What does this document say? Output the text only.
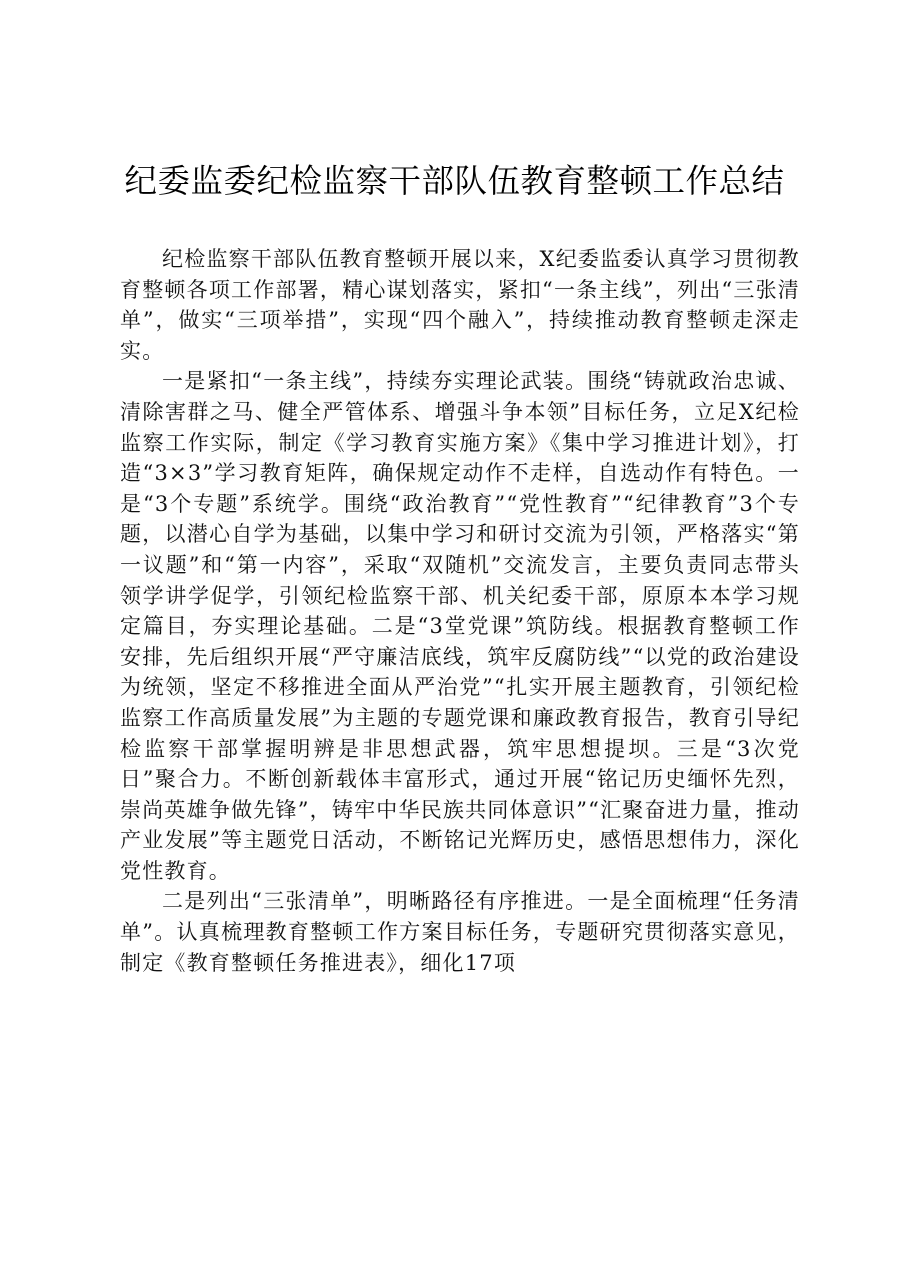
纪委监委纪检监察干部队伍教育整顿工作总结

纪检监察干部队伍教育整顿开展以来，X纪委监委认真学习贯彻教育整顿各项工作部署，精心谋划落实，紧扣“一条主线”，列出“三张清单”，做实“三项举措”，实现“四个融入”，持续推动教育整顿走深走实。

一是紧扣“一条主线”，持续夯实理论武装。围绕“铸就政治忠诚、清除害群之马、健全严管体系、增强斗争本领”目标任务，立足X纪检监察工作实际，制定《学习教育实施方案》《集中学习推进计划》，打造“3×3”学习教育矩阵，确保规定动作不走样，自选动作有特色。一是“3个专题”系统学。围绕“政治教育”“党性教育”“纪律教育”3个专题，以潜心自学为基础，以集中学习和研讨交流为引领，严格落实“第一议题”和“第一内容”，采取“双随机”交流发言，主要负责同志带头领学讲学促学，引领纪检监察干部、机关纪委干部，原原本本学习规定篇目，夯实理论基础。二是“3堂党课”筑防线。根据教育整顿工作安排，先后组织开展“严守廉洁底线，筑牢反腐防线”“以党的政治建设为统领，坚定不移推进全面从严治党”“扎实开展主题教育，引领纪检监察工作高质量发展”为主题的专题党课和廉政教育报告，教育引导纪检监察干部掌握明辨是非思想武器，筑牢思想提坝。三是“3次党日”聚合力。不断创新载体丰富形式，通过开展“铭记历史缅怀先烈，崇尚英雄争做先锋”，铸牢中华民族共同体意识”“汇聚奋进力量，推动产业发展”等主题党日活动，不断铭记光辉历史，感悟思想伟力，深化党性教育。

二是列出“三张清单”，明晰路径有序推进。一是全面梳理“任务清单”。认真梳理教育整顿工作方案目标任务，专题研究贯彻落实意见，制定《教育整顿任务推进表》，细化17项
